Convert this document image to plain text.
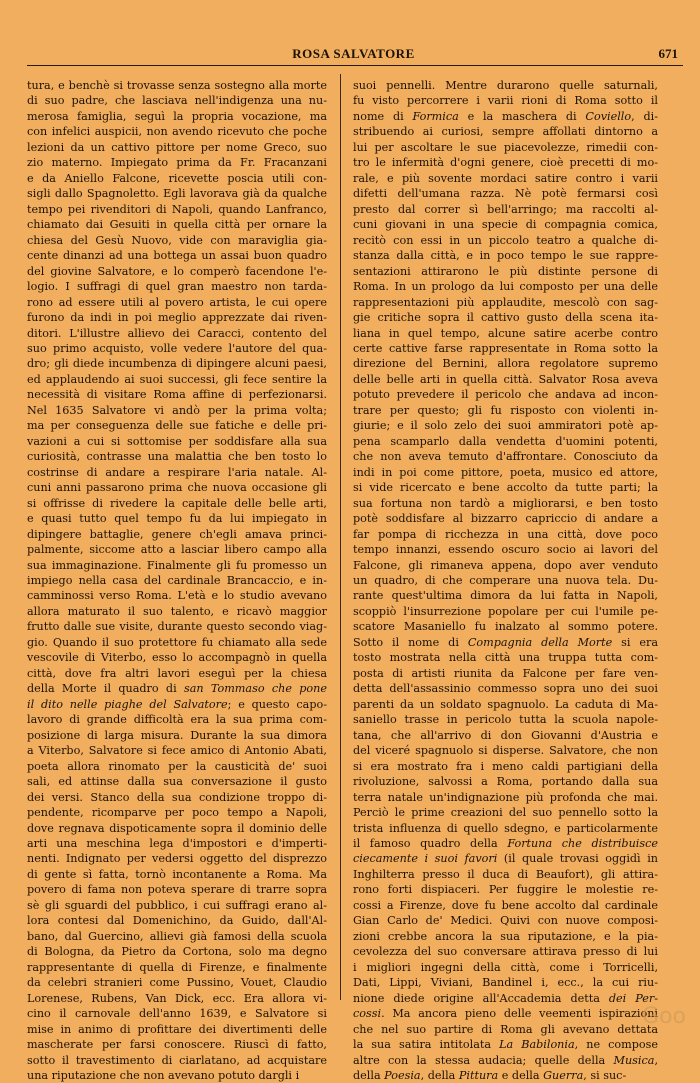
ROSA SALVATORE	671
tura, e benchè si trovasse senza sostegno alla morte
di suo padre, che lasciava nell'indigenza una nu-
merosa famiglia, seguì la propria vocazione, ma
con infelici auspicii, non avendo ricevuto che poche
lezioni da un cattivo pittore per nome Greco, suo
zio materno. Impiegato prima da Fr. Fracanzani
e da Aniello Falcone, ricevette poscia utili con-
sigli dallo Spagnoletto. Egli lavorava già da qualche
tempo pei rivenditori di Napoli, quando Lanfranco,
chiamato dai Gesuiti in quella città per ornare la
chiesa del Gesù Nuovo, vide con maraviglia gia-
cente dinanzi ad una bottega un assai buon quadro
del giovine Salvatore, e lo comperò facendone l'e-
logio. I suffragi di quel gran maestro non tarda-
rono ad essere utili al povero artista, le cui opere
furono da indi in poi meglio apprezzate dai riven-
ditori. L'illustre allievo dei Caracci, contento del
suo primo acquisto, volle vedere l'autore del qua-
dro; gli diede incumbenza di dipingere alcuni paesi,
ed applaudendo ai suoi successi, gli fece sentire la
necessità di visitare Roma affine di perfezionarsi.
Nel 1635 Salvatore vi andò per la prima volta;
ma per conseguenza delle sue fatiche e delle pri-
vazioni a cui si sottomise per soddisfare alla sua
curiosità, contrasse una malattia che ben tosto lo
costrinse di andare a respirare l'aria natale. Al-
cuni anni passarono prima che nuova occasione gli
si offrisse di rivedere la capitale delle belle arti,
e quasi tutto quel tempo fu da lui impiegato in
dipingere battaglie, genere ch'egli amava princi-
palmente, siccome atto a lasciar libero campo alla
sua immaginazione. Finalmente gli fu promesso un
impiego nella casa del cardinale Brancaccio, e in-
camminossi verso Roma. L'età e lo studio avevano
allora maturato il suo talento, e ricavò maggior
frutto dalle sue visite, durante questo secondo viag-
gio. Quando il suo protettore fu chiamato alla sede
vescovile di Viterbo, esso lo accompagnò in quella
città, dove fra altri lavori eseguì per la chiesa
della Morte il quadro di san Tommaso che pone
il dito nelle piaghe del Salvatore; e questo capo-
lavoro di grande difficoltà era la sua prima com-
posizione di larga misura. Durante la sua dimora
a Viterbo, Salvatore si fece amico di Antonio Abati,
poeta allora rinomato per la causticità de' suoi
sali, ed attinse dalla sua conversazione il gusto
dei versi. Stanco della sua condizione troppo di-
pendente, ricomparve per poco tempo a Napoli,
dove regnava dispoticamente sopra il dominio delle
arti una meschina lega d'impostori e d'imperti-
nenti. Indignato per vedersi oggetto del disprezzo
di gente sì fatta, tornò incontanente a Roma. Ma
povero di fama non poteva sperare di trarre sopra
sè gli sguardi del pubblico, i cui suffragi erano al-
lora contesi dal Domenichino, da Guido, dall'Al-
bano, dal Guercino, allievi già famosi della scuola
di Bologna, da Pietro da Cortona, solo ma degno
rappresentante di quella di Firenze, e finalmente
da celebri stranieri come Pussino, Vouet, Claudio
Lorenese, Rubens, Van Dick, ecc. Era allora vi-
cino il carnovale dell'anno 1639, e Salvatore si
mise in animo di profittare dei divertimenti delle
mascherate per farsi conoscere. Riuscì di fatto,
sotto il travestimento di ciarlatano, ad acquistare
una riputazione che non avevano potuto dargli i
suoi pennelli. Mentre durarono quelle saturnali,
fu visto percorrere i varii rioni di Roma sotto il
nome di Formica e la maschera di Coviello, di-
stribuendo ai curiosi, sempre affollati dintorno a
lui per ascoltare le sue piacevolezze, rimedii con-
tro le infermità d'ogni genere, cioè precetti di mo-
rale, e più sovente mordaci satire contro i varii
difetti dell'umana razza. Nè potè fermarsi così
presto dal correr sì bell'arringo; ma raccolti al-
cuni giovani in una specie di compagnia comica,
recitò con essi in un piccolo teatro a qualche di-
stanza dalla città, e in poco tempo le sue rappre-
sentazioni attirarono le più distinte persone di
Roma. In un prologo da lui composto per una delle
rappresentazioni più applaudite, mescolò con sag-
gie critiche sopra il cattivo gusto della scena ita-
liana in quel tempo, alcune satire acerbe contro
certe cattive farse rappresentate in Roma sotto la
direzione del Bernini, allora regolatore supremo
delle belle arti in quella città. Salvator Rosa aveva
potuto prevedere il pericolo che andava ad incon-
trare per questo; gli fu risposto con violenti in-
giurie; e il solo zelo dei suoi ammiratori potè ap-
pena scamparlo dalla vendetta d'uomini potenti,
che non aveva temuto d'affrontare. Conosciuto da
indi in poi come pittore, poeta, musico ed attore,
si vide ricercato e bene accolto da tutte parti; la
sua fortuna non tardò a migliorarsi, e ben tosto
potè soddisfare al bizzarro capriccio di andare a
far pompa di ricchezza in una città, dove poco
tempo innanzi, essendo oscuro socio ai lavori del
Falcone, gli rimaneva appena, dopo aver venduto
un quadro, di che comperare una nuova tela. Du-
rante quest'ultima dimora da lui fatta in Napoli,
scoppiò l'insurrezione popolare per cui l'umile pe-
scatore Masaniello fu inalzato al sommo potere.
Sotto il nome di Compagnia della Morte si era
tosto mostrata nella città una truppa tutta com-
posta di artisti riunita da Falcone per fare ven-
detta dell'assassinio commesso sopra uno dei suoi
parenti da un soldato spagnuolo. La caduta di Ma-
saniello trasse in pericolo tutta la scuola napole-
tana, che all'arrivo di don Giovanni d'Austria e
del viceré spagnuolo si disperse. Salvatore, che non
si era mostrato fra i meno caldi partigiani della
rivoluzione, salvossi a Roma, portando dalla sua
terra natale un'indignazione più profonda che mai.
Perciò le prime creazioni del suo pennello sotto la
trista influenza di quello sdegno, e particolarmente
il famoso quadro della Fortuna che distribuisce
ciecamente i suoi favori (il quale trovasi oggidì in
Inghilterra presso il duca di Beaufort), gli attira-
rono forti dispiaceri. Per fuggire le molestie re-
cossi a Firenze, dove fu bene accolto dal cardinale
Gian Carlo de' Medici. Quivi con nuove composi-
zioni crebbe ancora la sua riputazione, e la pia-
cevolezza del suo conversare attirava presso di lui
i migliori ingegni della città, come i Torricelli,
Dati, Lippi, Viviani, Bandinel i, ecc., la cui riu-
nione diede origine all'Accademia detta dei Per-
cossi. Ma ancora pieno delle veementi ispirazioni
che nel suo partire di Roma gli avevano dettata
la sua satira intitolata La Babilonia, ne compose
altre con la stessa audacia; quelle della Musica,
della Poesia, della Pittura e della Guerra, si suc-
Goo
